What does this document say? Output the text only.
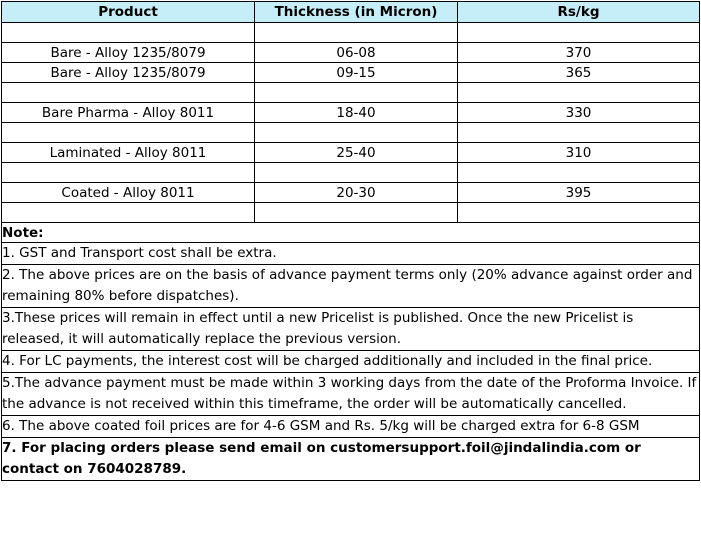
Product	Thickness (in Micron)	Rs/kg

Bare - Alloy 1235/8079	06-08	370
Bare - Alloy 1235/8079	09-15	365

Bare Pharma - Alloy 8011	18-40	330

Laminated - Alloy 8011	25-40	310

Coated - Alloy 8011	20-30	395

Note:		
1. GST and Transport cost shall be extra.		
2. The above prices are on the basis of advance payment terms only (20% advance against order and remaining 80% before dispatches).		
3.These prices will remain in effect until a new Pricelist is published. Once the new Pricelist is released, it will automatically replace the previous version.		
4. For LC payments, the interest cost will be charged additionally and included in the final price.		
5.The advance payment must be made within 3 working days from the date of the Proforma Invoice. If the advance is not received within this timeframe, the order will be automatically cancelled.		
6. The above coated foil prices are for 4-6 GSM and Rs. 5/kg will be charged extra for 6-8 GSM		
7. For placing orders please send email on customersupport.foil@jindalindia.com or contact on 7604028789.		
